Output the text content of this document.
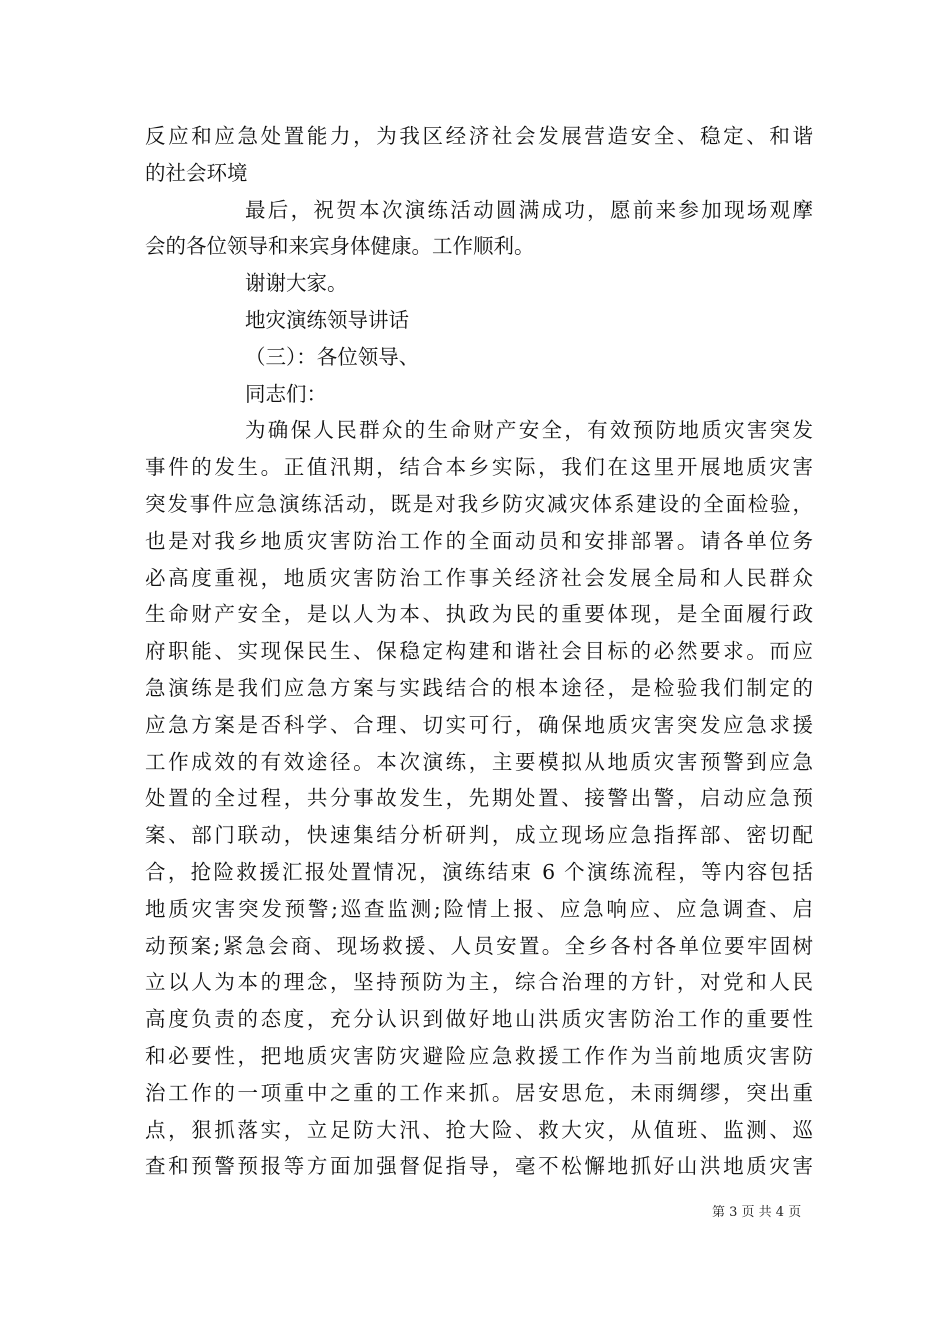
反应和应急处置能力，为我区经济社会发展营造安全、稳定、和谐
的社会环境
最后，祝贺本次演练活动圆满成功，愿前来参加现场观摩
会的各位领导和来宾身体健康。工作顺利。
谢谢大家。
地灾演练领导讲话
（三）：各位领导、
同志们：
为确保人民群众的生命财产安全，有效预防地质灾害突发
事件的发生。正值汛期，结合本乡实际，我们在这里开展地质灾害
突发事件应急演练活动，既是对我乡防灾减灾体系建设的全面检验，
也是对我乡地质灾害防治工作的全面动员和安排部署。请各单位务
必高度重视，地质灾害防治工作事关经济社会发展全局和人民群众
生命财产安全，是以人为本、执政为民的重要体现，是全面履行政
府职能、实现保民生、保稳定构建和谐社会目标的必然要求。而应
急演练是我们应急方案与实践结合的根本途径，是检验我们制定的
应急方案是否科学、合理、切实可行，确保地质灾害突发应急求援
工作成效的有效途径。本次演练，主要模拟从地质灾害预警到应急
处置的全过程，共分事故发生，先期处置、接警出警，启动应急预
案、部门联动，快速集结分析研判，成立现场应急指挥部、密切配
合，抢险救援汇报处置情况，演练结束 6 个演练流程，等内容包括
地质灾害突发预警;巡查监测;险情上报、应急响应、应急调查、启
动预案;紧急会商、现场救援、人员安置。全乡各村各单位要牢固树
立以人为本的理念，坚持预防为主，综合治理的方针，对党和人民
高度负责的态度，充分认识到做好地山洪质灾害防治工作的重要性
和必要性，把地质灾害防灾避险应急救援工作作为当前地质灾害防
治工作的一项重中之重的工作来抓。居安思危，未雨绸缪，突出重
点，狠抓落实，立足防大汛、抢大险、救大灾，从值班、监测、巡
查和预警预报等方面加强督促指导，毫不松懈地抓好山洪地质灾害
第 3 页 共 4 页
